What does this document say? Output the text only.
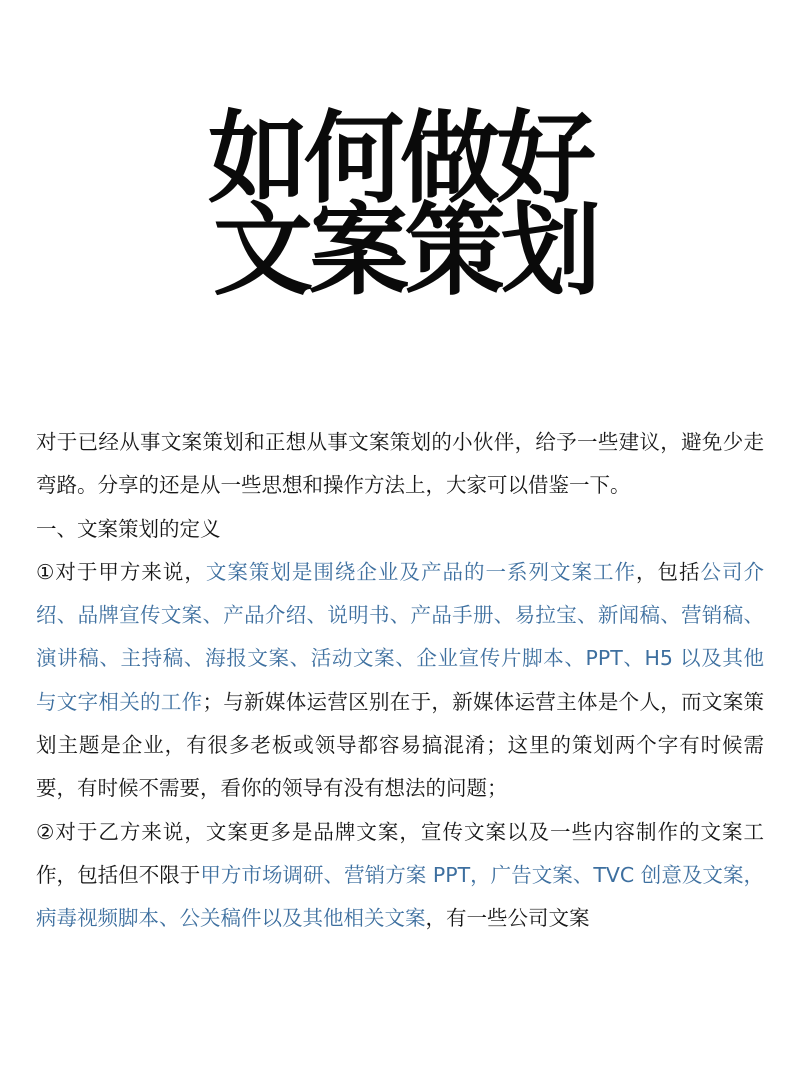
如何做好
文案策划

对于已经从事文案策划和正想从事文案策划的小伙伴，给予一些建议，避免少走弯路。分享的还是从一些思想和操作方法上，大家可以借鉴一下。

一、文案策划的定义

①对于甲方来说，文案策划是围绕企业及产品的一系列文案工作，包括公司介绍、品牌宣传文案、产品介绍、说明书、产品手册、易拉宝、新闻稿、营销稿、演讲稿、主持稿、海报文案、活动文案、企业宣传片脚本、PPT、H5 以及其他与文字相关的工作；与新媒体运营区别在于，新媒体运营主体是个人，而文案策划主题是企业，有很多老板或领导都容易搞混淆；这里的策划两个字有时候需要，有时候不需要，看你的领导有没有想法的问题；

②对于乙方来说，文案更多是品牌文案，宣传文案以及一些内容制作的文案工作，包括但不限于甲方市场调研、营销方案 PPT，广告文案、TVC 创意及文案，病毒视频脚本、公关稿件以及其他相关文案，有一些公司文案
